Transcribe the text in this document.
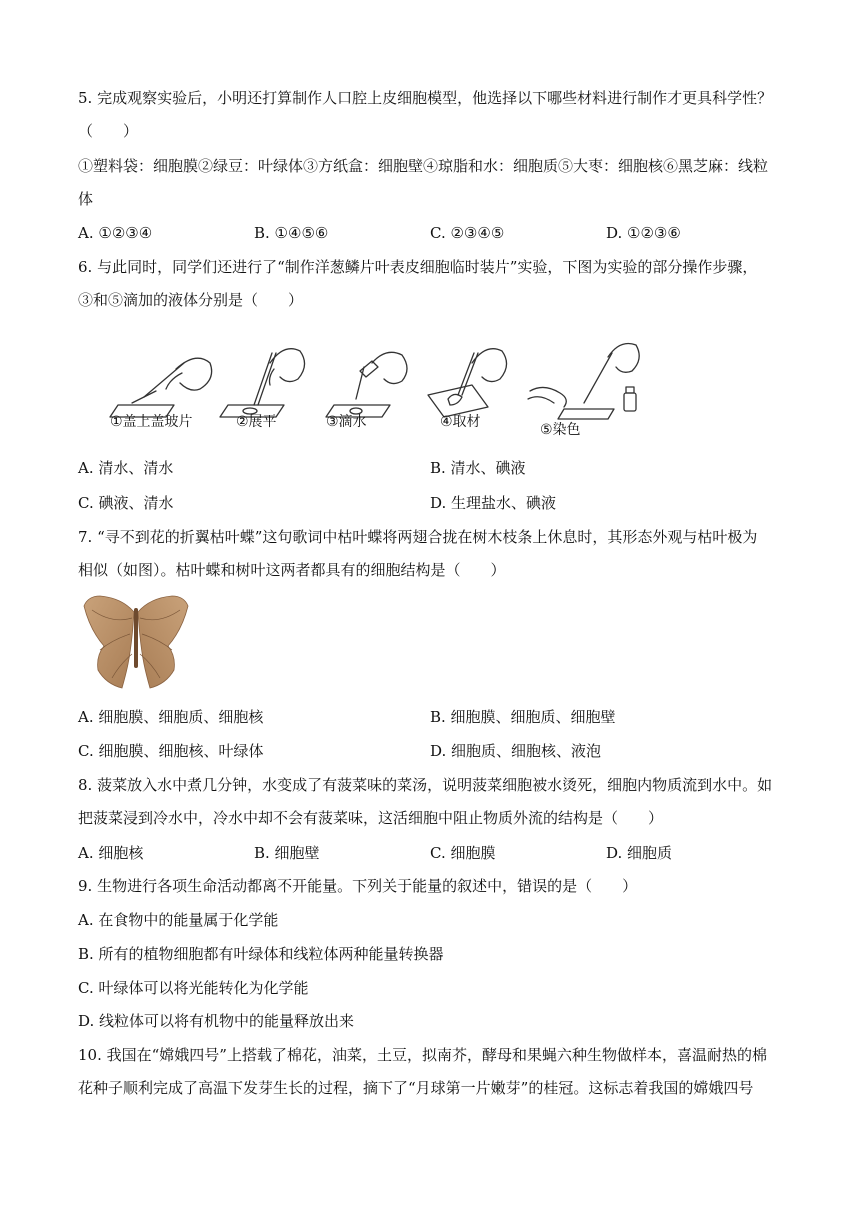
5. 完成观察实验后，小明还打算制作人口腔上皮细胞模型，他选择以下哪些材料进行制作才更具科学性？
（　　）
①塑料袋：细胞膜②绿豆：叶绿体③方纸盒：细胞壁④琼脂和水：细胞质⑤大枣：细胞核⑥黑芝麻：线粒
体
A. ①②③④	B. ①④⑤⑥	C. ②③④⑤	D. ①②③⑥
6. 与此同时，同学们还进行了“制作洋葱鳞片叶表皮细胞临时装片”实验，下图为实验的部分操作步骤，
③和⑤滴加的液体分别是（　　）
①盖上盖玻片	②展平	③滴水	④取材	⑤染色
A. 清水、清水	B. 清水、碘液
C. 碘液、清水	D. 生理盐水、碘液
7. “寻不到花的折翼枯叶蝶”这句歌词中枯叶蝶将两翅合拢在树木枝条上休息时，其形态外观与枯叶极为
相似（如图）。枯叶蝶和树叶这两者都具有的细胞结构是（　　）
A. 细胞膜、细胞质、细胞核	B. 细胞膜、细胞质、细胞壁
C. 细胞膜、细胞核、叶绿体	D. 细胞质、细胞核、液泡
8. 菠菜放入水中煮几分钟，水变成了有菠菜味的菜汤，说明菠菜细胞被水烫死，细胞内物质流到水中。如
把菠菜浸到冷水中，冷水中却不会有菠菜味，这活细胞中阻止物质外流的结构是（　　）
A. 细胞核	B. 细胞壁	C. 细胞膜	D. 细胞质
9. 生物进行各项生命活动都离不开能量。下列关于能量的叙述中，错误的是（　　）
A. 在食物中的能量属于化学能
B. 所有的植物细胞都有叶绿体和线粒体两种能量转换器
C. 叶绿体可以将光能转化为化学能
D. 线粒体可以将有机物中的能量释放出来
10. 我国在“嫦娥四号”上搭载了棉花，油菜，土豆，拟南芥，酵母和果蝇六种生物做样本，喜温耐热的棉
花种子顺利完成了高温下发芽生长的过程，摘下了“月球第一片嫩芽”的桂冠。这标志着我国的嫦娥四号
